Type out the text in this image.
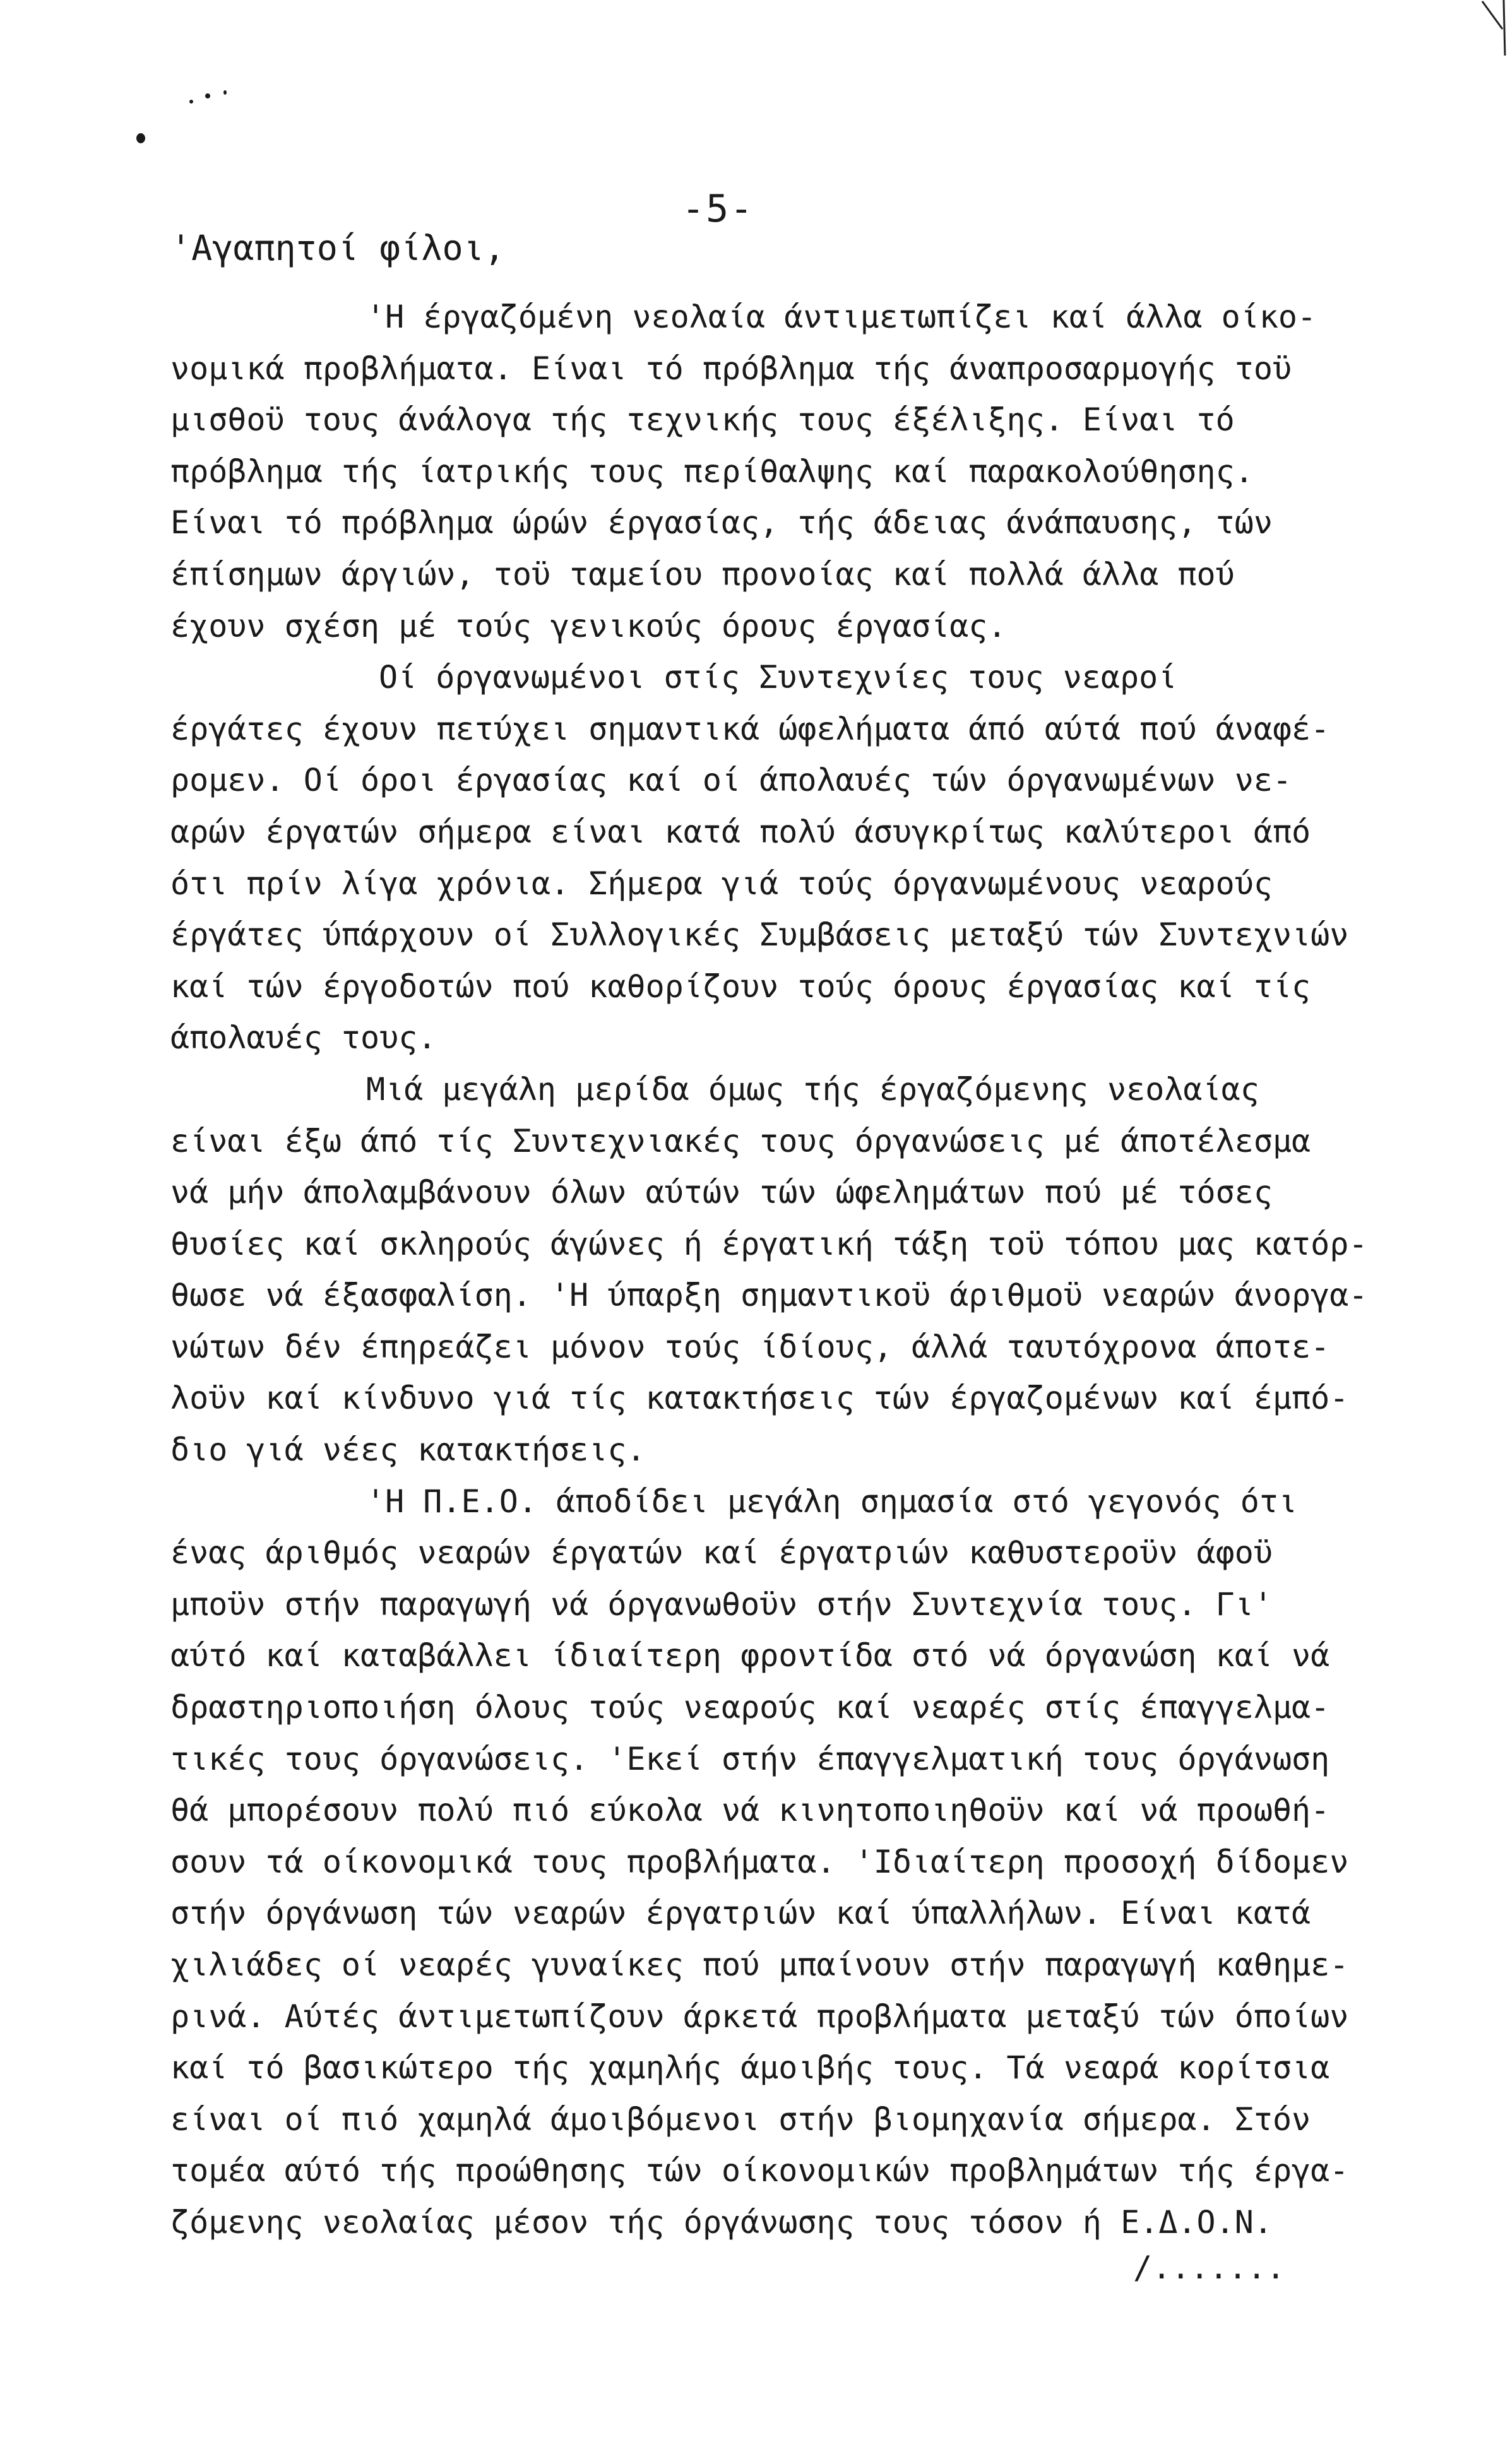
-5-
'Αγαπητοί φίλοι,
'Η έργαζόμένη νεολαία άντιμετωπίζει καί άλλα οίκο-
νομικά προβλήματα. Είναι τό πρόβλημα τής άναπροσαρμογής τοϋ
μισθοϋ τους άνάλογα τής τεχνικής τους έξέλιξης. Είναι τό
πρόβλημα τής ίατρικής τους περίθαλψης καί παρακολούθησης.
Είναι τό πρόβλημα ώρών έργασίας, τής άδειας άνάπαυσης, τών
έπίσημων άργιών, τοϋ ταμείου προνοίας καί πολλά άλλα πού
έχουν σχέση μέ τούς γενικούς όρους έργασίας.
Οί όργανωμένοι στίς Συντεχνίες τους νεαροί
έργάτες έχουν πετύχει σημαντικά ώφελήματα άπό αύτά πού άναφέ-
ρομεν. Οί όροι έργασίας καί οί άπολαυές τών όργανωμένων νε-
αρών έργατών σήμερα είναι κατά πολύ άσυγκρίτως καλύτεροι άπό
ότι πρίν λίγα χρόνια. Σήμερα γιά τούς όργανωμένους νεαρούς
έργάτες ύπάρχουν οί Συλλογικές Συμβάσεις μεταξύ τών Συντεχνιών
καί τών έργοδοτών πού καθορίζουν τούς όρους έργασίας καί τίς
άπολαυές τους.
Μιά μεγάλη μερίδα όμως τής έργαζόμενης νεολαίας
είναι έξω άπό τίς Συντεχνιακές τους όργανώσεις μέ άποτέλεσμα
νά μήν άπολαμβάνουν όλων αύτών τών ώφελημάτων πού μέ τόσες
θυσίες καί σκληρούς άγώνες ή έργατική τάξη τοϋ τόπου μας κατόρ-
θωσε νά έξασφαλίση. 'Η ύπαρξη σημαντικοϋ άριθμοϋ νεαρών άνοργα-
νώτων δέν έπηρεάζει μόνον τούς ίδίους, άλλά ταυτόχρονα άποτε-
λοϋν καί κίνδυνο γιά τίς κατακτήσεις τών έργαζομένων καί έμπό-
διο γιά νέες κατακτήσεις.
'Η Π.Ε.Ο. άποδίδει μεγάλη σημασία στό γεγονός ότι
ένας άριθμός νεαρών έργατών καί έργατριών καθυστεροϋν άφοϋ
μποϋν στήν παραγωγή νά όργανωθοϋν στήν Συντεχνία τους. Γι'
αύτό καί καταβάλλει ίδιαίτερη φροντίδα στό νά όργανώση καί νά
δραστηριοποιήση όλους τούς νεαρούς καί νεαρές στίς έπαγγελμα-
τικές τους όργανώσεις. 'Εκεί στήν έπαγγελματική τους όργάνωση
θά μπορέσουν πολύ πιό εύκολα νά κινητοποιηθοϋν καί νά προωθή-
σουν τά οίκονομικά τους προβλήματα. 'Ιδιαίτερη προσοχή δίδομεν
στήν όργάνωση τών νεαρών έργατριών καί ύπαλλήλων. Είναι κατά
χιλιάδες οί νεαρές γυναίκες πού μπαίνουν στήν παραγωγή καθημε-
ρινά. Αύτές άντιμετωπίζουν άρκετά προβλήματα μεταξύ τών όποίων
καί τό βασικώτερο τής χαμηλής άμοιβής τους. Τά νεαρά κορίτσια
είναι οί πιό χαμηλά άμοιβόμενοι στήν βιομηχανία σήμερα. Στόν
τομέα αύτό τής προώθησης τών οίκονομικών προβλημάτων τής έργα-
ζόμενης νεολαίας μέσον τής όργάνωσης τους τόσον ή Ε.Δ.Ο.Ν.
/.......
